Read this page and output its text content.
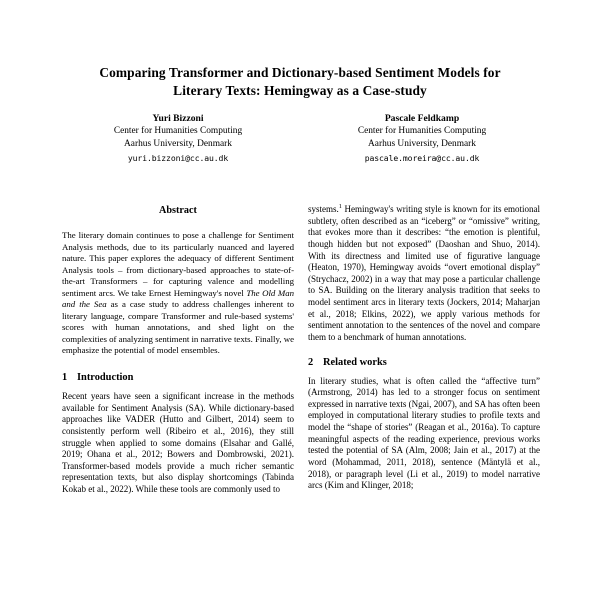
Comparing Transformer and Dictionary-based Sentiment Models for
Literary Texts: Hemingway as a Case-study
Yuri Bizzoni
Center for Humanities Computing
Aarhus University, Denmark
yuri.bizzoni@cc.au.dk
Pascale Feldkamp
Center for Humanities Computing
Aarhus University, Denmark
pascale.moreira@cc.au.dk
Abstract

The literary domain continues to pose a challenge for Sentiment Analysis methods, due to its particularly nuanced and layered nature. This paper explores the adequacy of different Sentiment Analysis tools – from dictionary-based approaches to state-of-the-art Transformers – for capturing valence and modelling sentiment arcs. We take Ernest Hemingway's novel The Old Man and the Sea as a case study to address challenges inherent to literary language, compare Transformer and rule-based systems' scores with human annotations, and shed light on the complexities of analyzing sentiment in narrative texts. Finally, we emphasize the potential of model ensembles.

1 Introduction

Recent years have seen a significant increase in the methods available for Sentiment Analysis (SA). While dictionary-based approaches like VADER (Hutto and Gilbert, 2014) seem to consistently perform well (Ribeiro et al., 2016), they still struggle when applied to some domains (Elsahar and Gallé, 2019; Ohana et al., 2012; Bowers and Dombrowski, 2021). Transformer-based models provide a much richer semantic representation texts, but also display shortcomings (Tabinda Kokab et al., 2022). While these tools are commonly used to

systems.$^1$ Hemingway's writing style is known for its emotional subtlety, often described as an “iceberg” or “omissive” writing, that evokes more than it describes: “the emotion is plentiful, though hidden but not exposed” (Daoshan and Shuo, 2014). With its directness and limited use of figurative language (Heaton, 1970), Hemingway avoids “overt emotional display” (Strychacz, 2002) in a way that may pose a particular challenge to SA. Building on the literary analysis tradition that seeks to model sentiment arcs in literary texts (Jockers, 2014; Maharjan et al., 2018; Elkins, 2022), we apply various methods for sentiment annotation to the sentences of the novel and compare them to a benchmark of human annotations.

2 Related works

In literary studies, what is often called the “affective turn” (Armstrong, 2014) has led to a stronger focus on sentiment expressed in narrative texts (Ngai, 2007), and SA has often been employed in computational literary studies to profile texts and model the “shape of stories” (Reagan et al., 2016a). To capture meaningful aspects of the reading experience, previous works tested the potential of SA (Alm, 2008; Jain et al., 2017) at the word (Mohammad, 2011, 2018), sentence (Mäntylä et al., 2018), or paragraph level (Li et al., 2019) to model narrative arcs (Kim and Klinger, 2018;
